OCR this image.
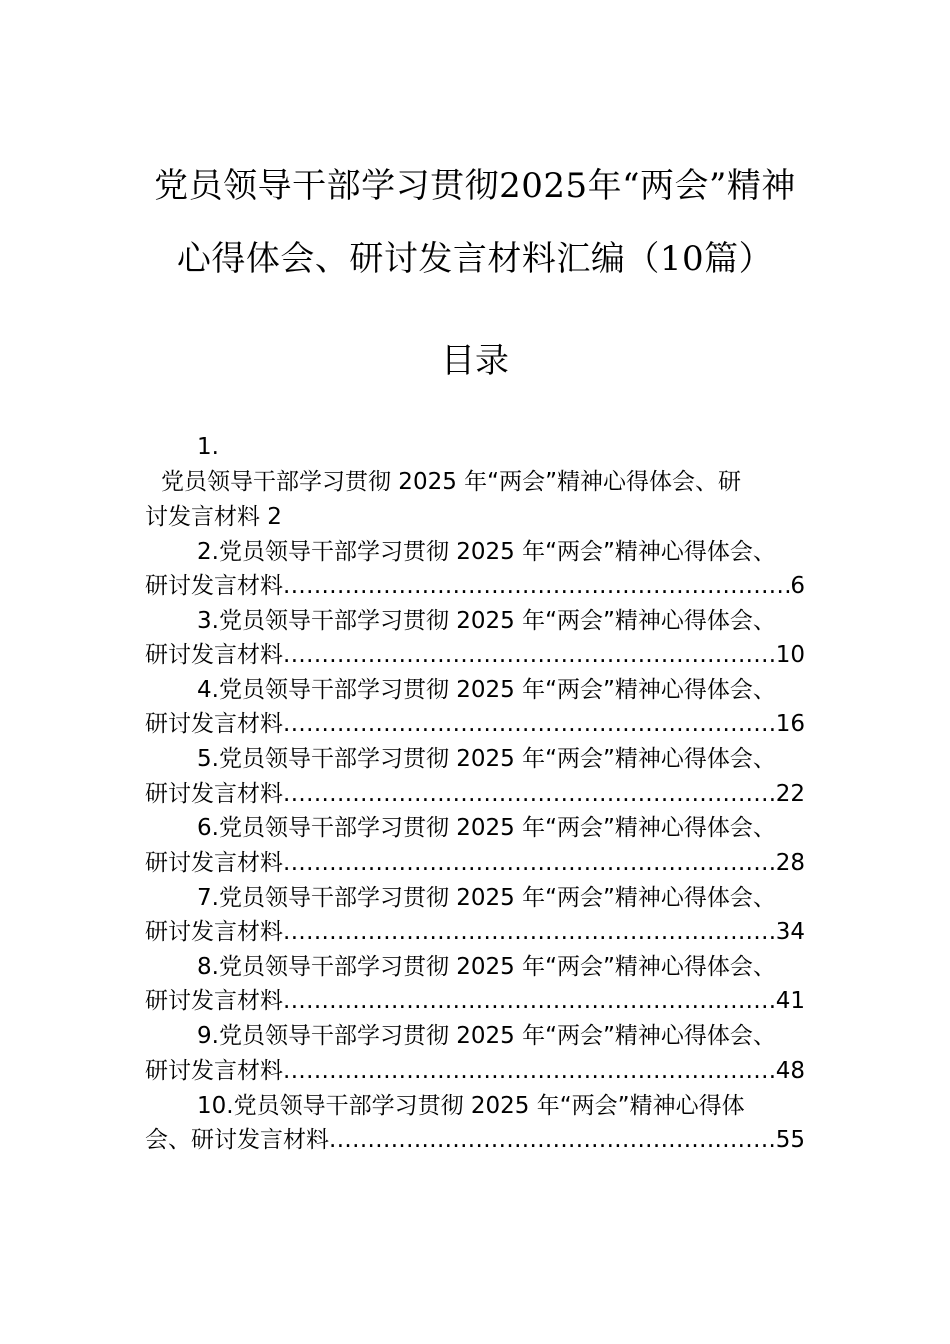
党员领导干部学习贯彻2025年“两会”精神
心得体会、研讨发言材料汇编（10篇）
目录
1.
党员领导干部学习贯彻 2025 年“两会”精神心得体会、研
讨发言材料 2
2.党员领导干部学习贯彻 2025 年“两会”精神心得体会、
研讨发言材料 .....	6
3.党员领导干部学习贯彻 2025 年“两会”精神心得体会、
研讨发言材料 .....	10
4.党员领导干部学习贯彻 2025 年“两会”精神心得体会、
研讨发言材料 .....	16
5.党员领导干部学习贯彻 2025 年“两会”精神心得体会、
研讨发言材料 .....	22
6.党员领导干部学习贯彻 2025 年“两会”精神心得体会、
研讨发言材料 .....	28
7.党员领导干部学习贯彻 2025 年“两会”精神心得体会、
研讨发言材料 .....	34
8.党员领导干部学习贯彻 2025 年“两会”精神心得体会、
研讨发言材料 .....	41
9.党员领导干部学习贯彻 2025 年“两会”精神心得体会、
研讨发言材料 .....	48
10.党员领导干部学习贯彻 2025 年“两会”精神心得体
会、研讨发言材料 .....	55
